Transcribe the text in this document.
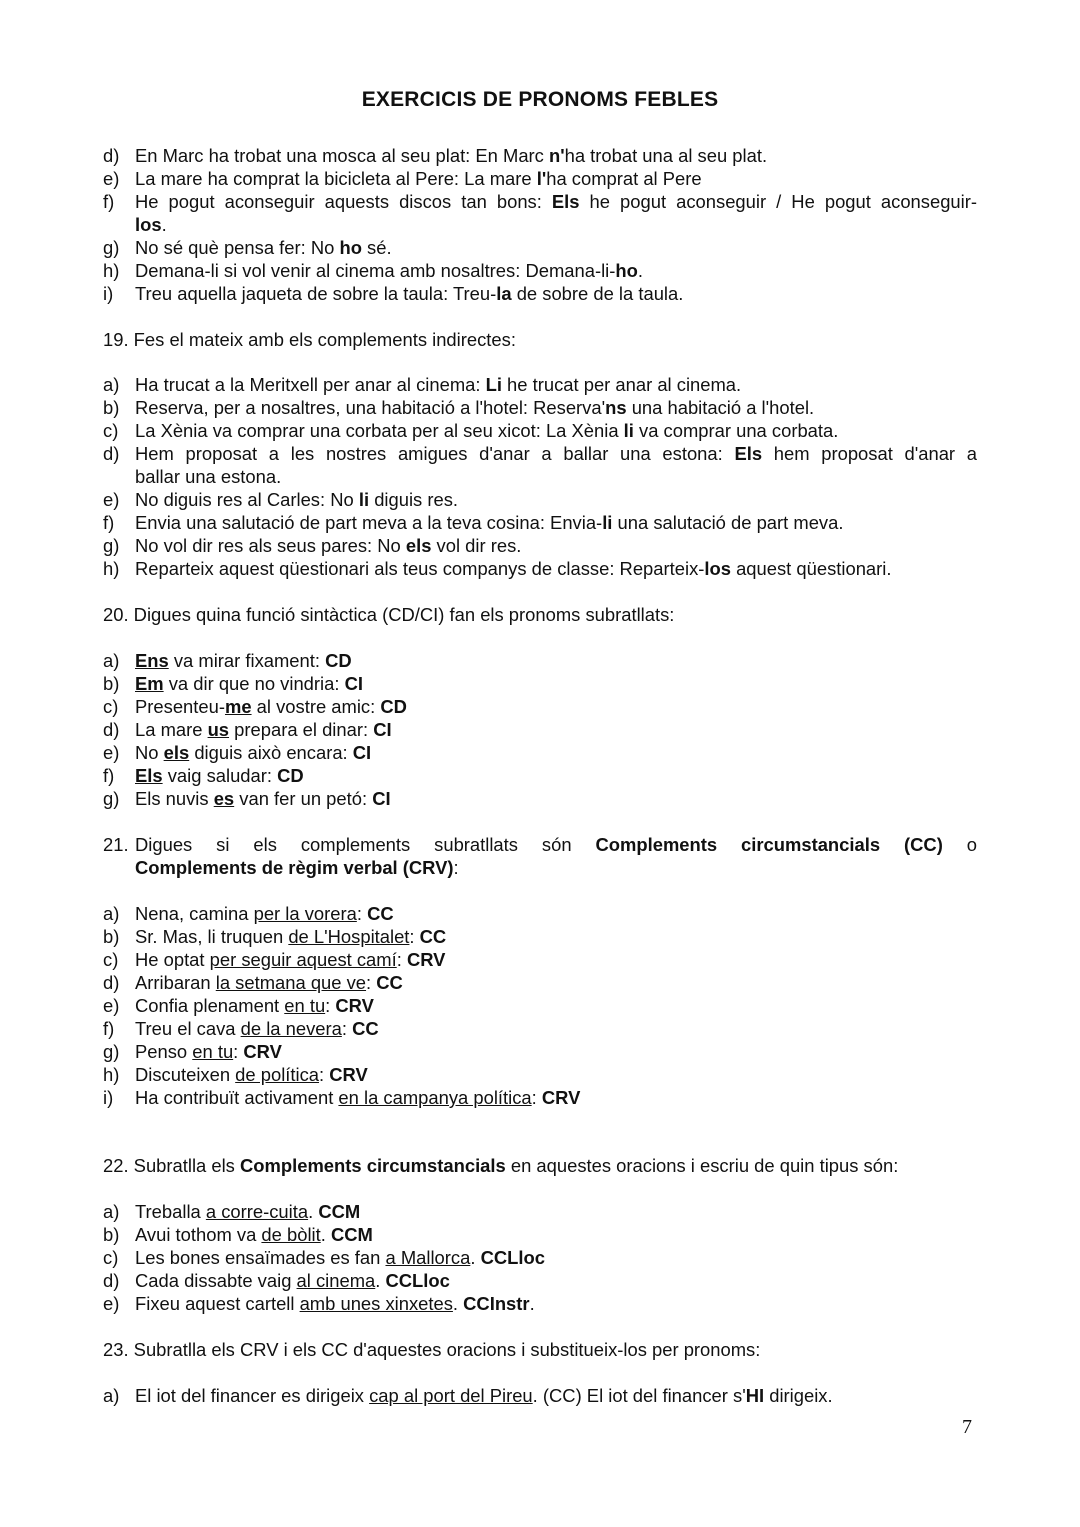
EXERCICIS DE PRONOMS FEBLES
d) En Marc ha trobat una mosca al seu plat: En Marc n'ha trobat una al seu plat.
e) La mare ha comprat la bicicleta al Pere: La mare l'ha comprat al Pere
f)	He pogut aconseguir aquests discos tan bons: Els he pogut aconseguir / He pogut aconseguir-
los.
g) No sé què pensa fer: No ho sé.
h) Demana-li si vol venir al cinema amb nosaltres: Demana-li-ho.
i)	Treu aquella jaqueta de sobre la taula: Treu-la de sobre de la taula.
19. Fes el mateix amb els complements indirectes:
a) Ha trucat a la Meritxell per anar al cinema: Li he trucat per anar al cinema.
b) Reserva, per a nosaltres, una habitació a l'hotel: Reserva'ns una habitació a l'hotel.
c) La Xènia va comprar una corbata per al seu xicot: La Xènia li va comprar una corbata.
d) Hem proposat a les nostres amigues d'anar a ballar una estona: Els hem proposat d'anar a
ballar una estona.
e) No diguis res al Carles: No li diguis res.
f)	Envia una salutació de part meva a la teva cosina: Envia-li una salutació de part meva.
g) No vol dir res als seus pares: No els vol dir res.
h) Reparteix aquest qüestionari als teus companys de classe: Reparteix-los aquest qüestionari.
20. Digues quina funció sintàctica (CD/CI) fan els pronoms subratllats:
a) Ens va mirar fixament: CD
b) Em va dir que no vindria: CI
c) Presenteu-me al vostre amic: CD
d) La mare us prepara el dinar: CI
e) No els diguis això encara: CI
f)	Els vaig saludar: CD
g) Els nuvis es van fer un petó: CI
21. Digues si els complements subratllats són Complements circumstancials (CC) o
Complements de règim verbal (CRV):
a) Nena, camina per la vorera: CC
b) Sr. Mas, li truquen de L'Hospitalet: CC
c) He optat per seguir aquest camí: CRV
d) Arribaran la setmana que ve: CC
e) Confia plenament en tu: CRV
f)	Treu el cava de la nevera: CC
g) Penso en tu: CRV
h) Discuteixen de política: CRV
i)	Ha contribuït activament en la campanya política: CRV
22. Subratlla els Complements circumstancials en aquestes oracions i escriu de quin tipus són:
a) Treballa a corre-cuita. CCM
b) Avui tothom va de bòlit. CCM
c) Les bones ensaïmades es fan a Mallorca. CCLloc
d) Cada dissabte vaig al cinema. CCLloc
e) Fixeu aquest cartell amb unes xinxetes. CCInstr.
23. Subratlla els CRV i els CC d'aquestes oracions i substitueix-los per pronoms:
a) El iot del financer es dirigeix cap al port del Pireu. (CC) El iot del financer s'HI dirigeix.
7
